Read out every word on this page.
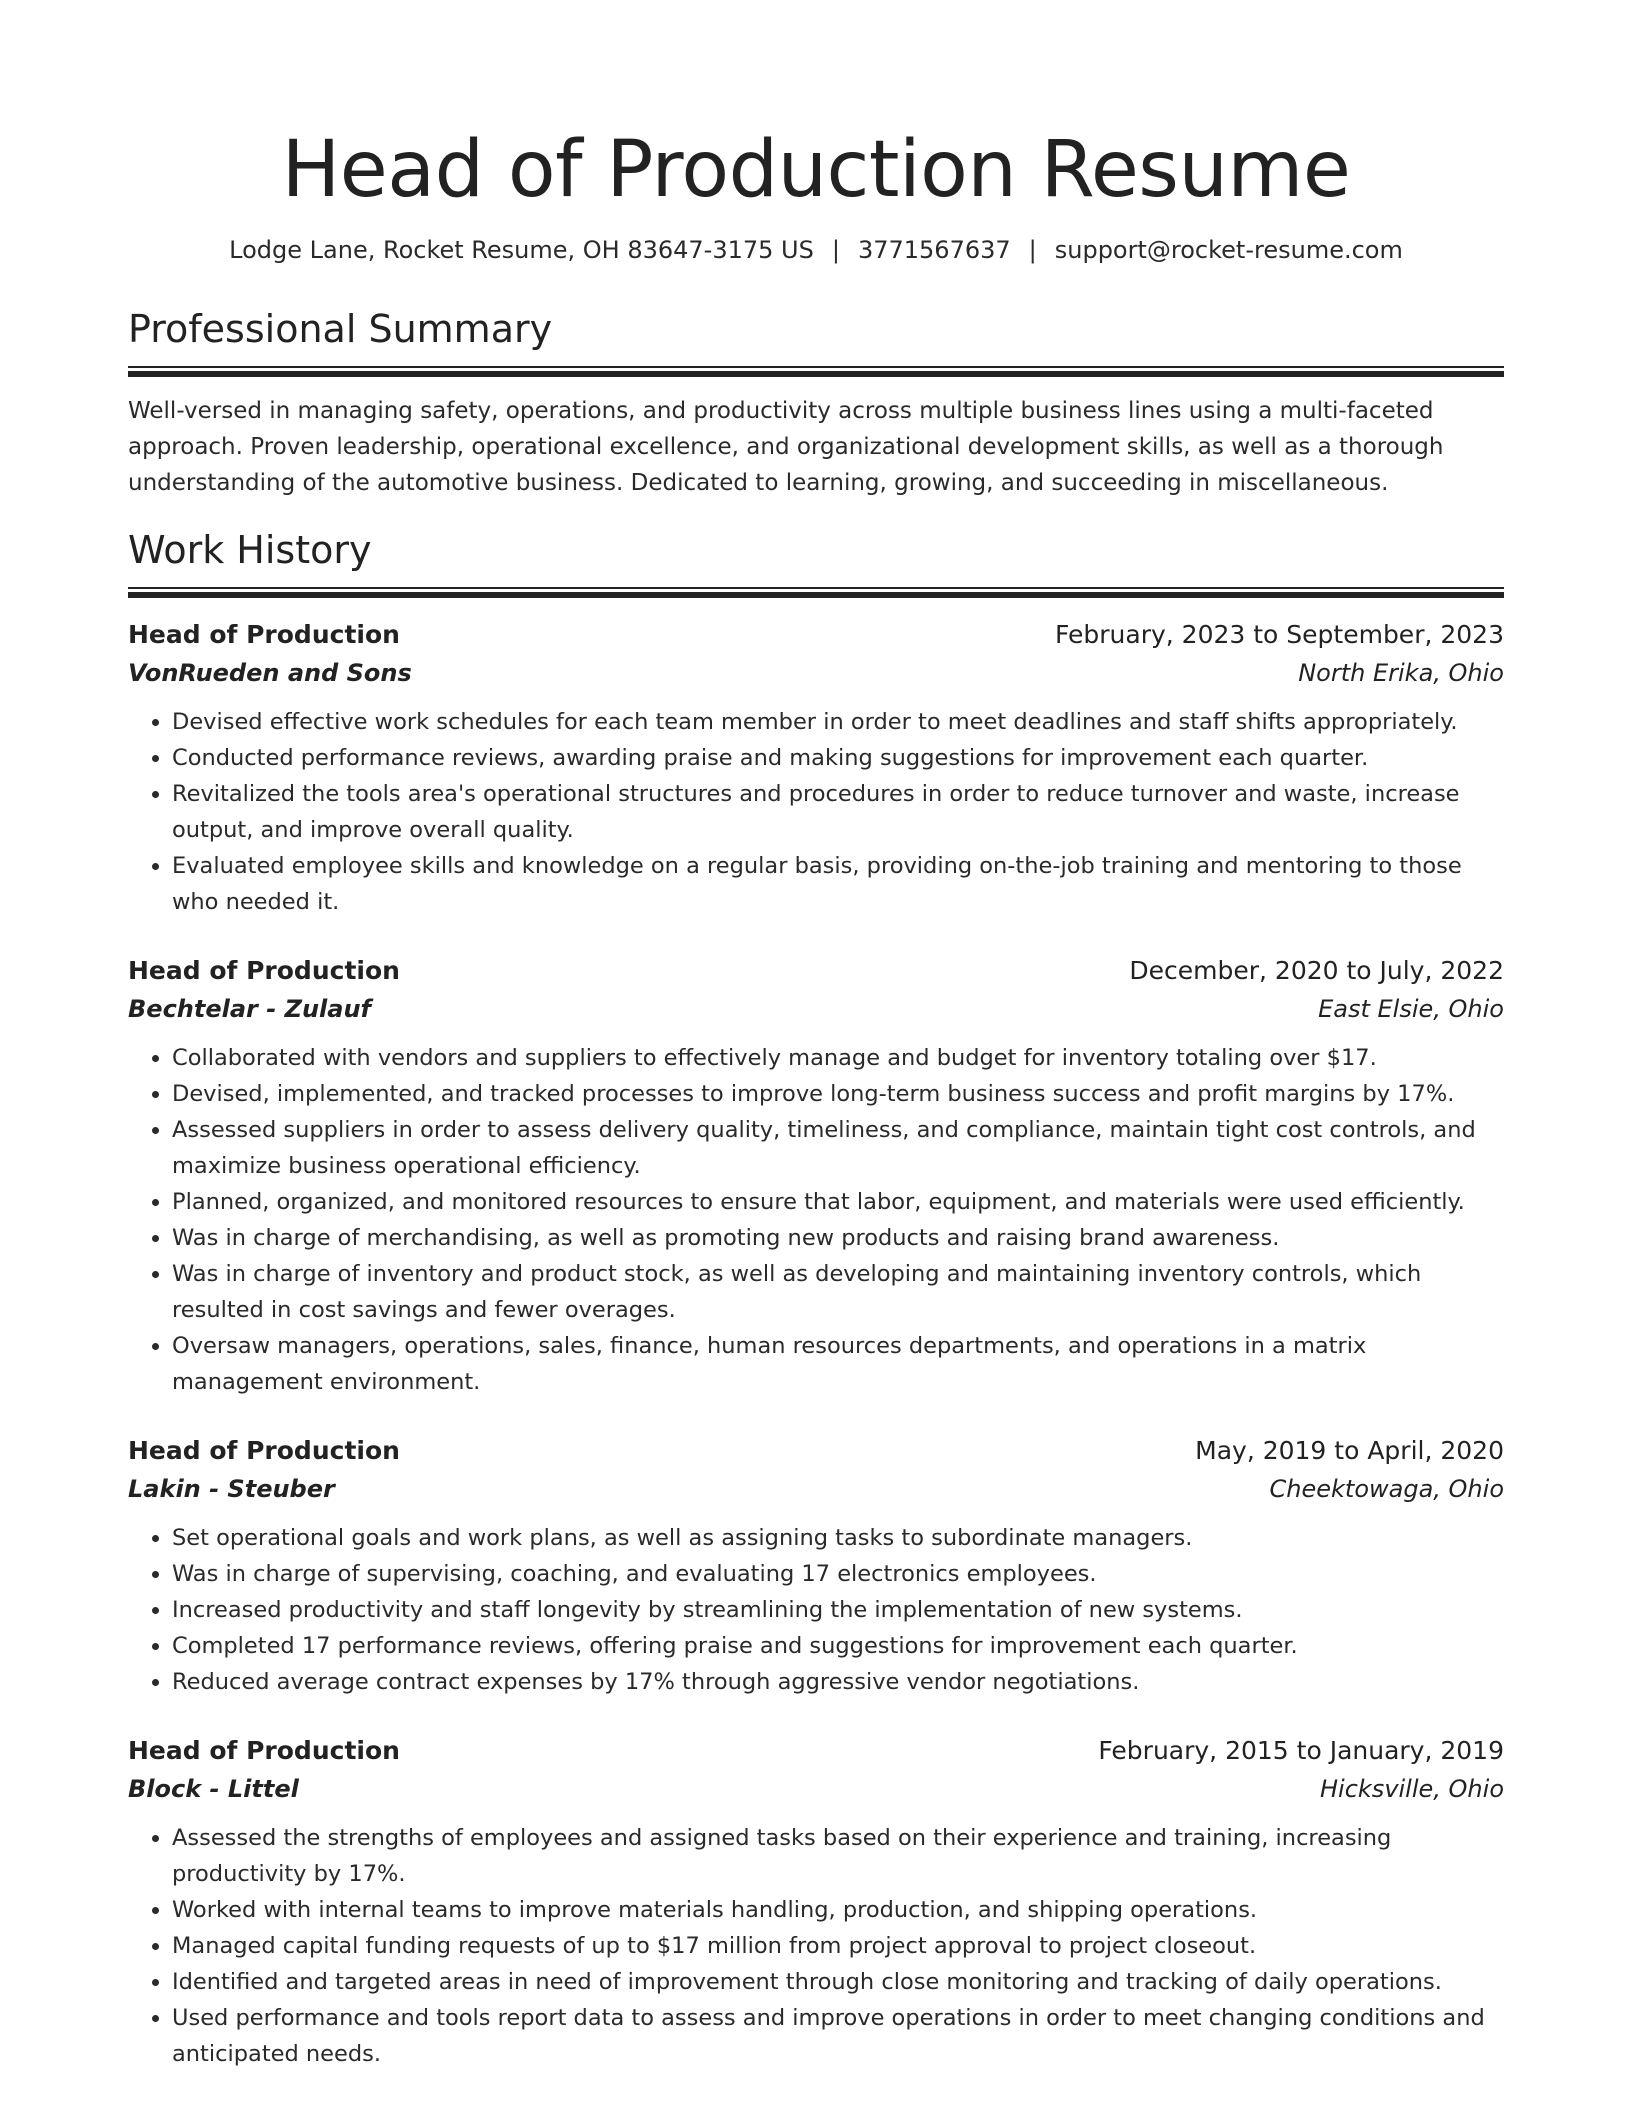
Head of Production Resume
Lodge Lane, Rocket Resume, OH 83647-3175 US | 3771567637 | support@rocket-resume.com
Professional Summary

Well-versed in managing safety, operations, and productivity across multiple business lines using a multi-faceted approach. Proven leadership, operational excellence, and organizational development skills, as well as a thorough understanding of the automotive business. Dedicated to learning, growing, and succeeding in miscellaneous.

Work History
Head of Production	February, 2023 to September, 2023
VonRueden and Sons	North Erika, Ohio
• Devised effective work schedules for each team member in order to meet deadlines and staff shifts appropriately.
• Conducted performance reviews, awarding praise and making suggestions for improvement each quarter.
• Revitalized the tools area's operational structures and procedures in order to reduce turnover and waste, increase output, and improve overall quality.
• Evaluated employee skills and knowledge on a regular basis, providing on-the-job training and mentoring to those who needed it.
Head of Production	December, 2020 to July, 2022
Bechtelar - Zulauf	East Elsie, Ohio
• Collaborated with vendors and suppliers to effectively manage and budget for inventory totaling over $17.
• Devised, implemented, and tracked processes to improve long-term business success and profit margins by 17%.
• Assessed suppliers in order to assess delivery quality, timeliness, and compliance, maintain tight cost controls, and maximize business operational efficiency.
• Planned, organized, and monitored resources to ensure that labor, equipment, and materials were used efficiently.
• Was in charge of merchandising, as well as promoting new products and raising brand awareness.
• Was in charge of inventory and product stock, as well as developing and maintaining inventory controls, which resulted in cost savings and fewer overages.
• Oversaw managers, operations, sales, finance, human resources departments, and operations in a matrix management environment.
Head of Production	May, 2019 to April, 2020
Lakin - Steuber	Cheektowaga, Ohio
• Set operational goals and work plans, as well as assigning tasks to subordinate managers.
• Was in charge of supervising, coaching, and evaluating 17 electronics employees.
• Increased productivity and staff longevity by streamlining the implementation of new systems.
• Completed 17 performance reviews, offering praise and suggestions for improvement each quarter.
• Reduced average contract expenses by 17% through aggressive vendor negotiations.
Head of Production	February, 2015 to January, 2019
Block - Littel	Hicksville, Ohio
• Assessed the strengths of employees and assigned tasks based on their experience and training, increasing productivity by 17%.
• Worked with internal teams to improve materials handling, production, and shipping operations.
• Managed capital funding requests of up to $17 million from project approval to project closeout.
• Identified and targeted areas in need of improvement through close monitoring and tracking of daily operations.
• Used performance and tools report data to assess and improve operations in order to meet changing conditions and anticipated needs.
